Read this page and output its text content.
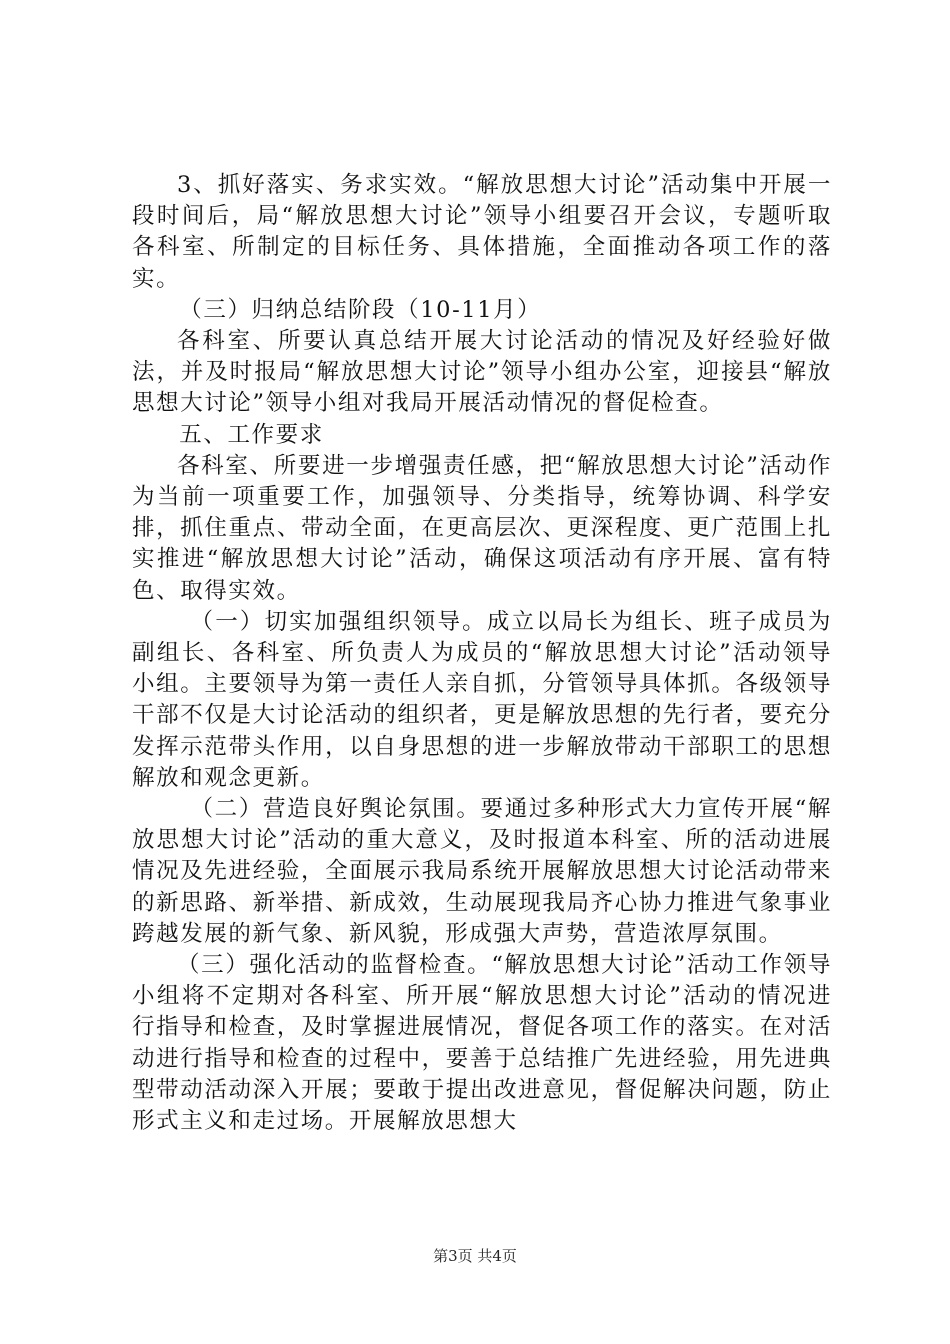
3、抓好落实、务求实效。“解放思想大讨论”活动集中开展一段时间后，局“解放思想大讨论”领导小组要召开会议，专题听取各科室、所制定的目标任务、具体措施，全面推动各项工作的落实。

（三）归纳总结阶段（10-11月）

各科室、所要认真总结开展大讨论活动的情况及好经验好做法，并及时报局“解放思想大讨论”领导小组办公室，迎接县“解放思想大讨论”领导小组对我局开展活动情况的督促检查。

五、工作要求

各科室、所要进一步增强责任感，把“解放思想大讨论”活动作为当前一项重要工作，加强领导、分类指导，统筹协调、科学安排，抓住重点、带动全面，在更高层次、更深程度、更广范围上扎实推进“解放思想大讨论”活动，确保这项活动有序开展、富有特色、取得实效。

（一）切实加强组织领导。成立以局长为组长、班子成员为副组长、各科室、所负责人为成员的“解放思想大讨论”活动领导小组。主要领导为第一责任人亲自抓，分管领导具体抓。各级领导干部不仅是大讨论活动的组织者，更是解放思想的先行者，要充分发挥示范带头作用，以自身思想的进一步解放带动干部职工的思想解放和观念更新。

（二）营造良好舆论氛围。要通过多种形式大力宣传开展“解放思想大讨论”活动的重大意义，及时报道本科室、所的活动进展情况及先进经验，全面展示我局系统开展解放思想大讨论活动带来的新思路、新举措、新成效，生动展现我局齐心协力推进气象事业跨越发展的新气象、新风貌，形成强大声势，营造浓厚氛围。

（三）强化活动的监督检查。“解放思想大讨论”活动工作领导小组将不定期对各科室、所开展“解放思想大讨论”活动的情况进行指导和检查，及时掌握进展情况，督促各项工作的落实。在对活动进行指导和检查的过程中，要善于总结推广先进经验，用先进典型带动活动深入开展；要敢于提出改进意见，督促解决问题，防止形式主义和走过场。开展解放思想大

第3页 共4页
